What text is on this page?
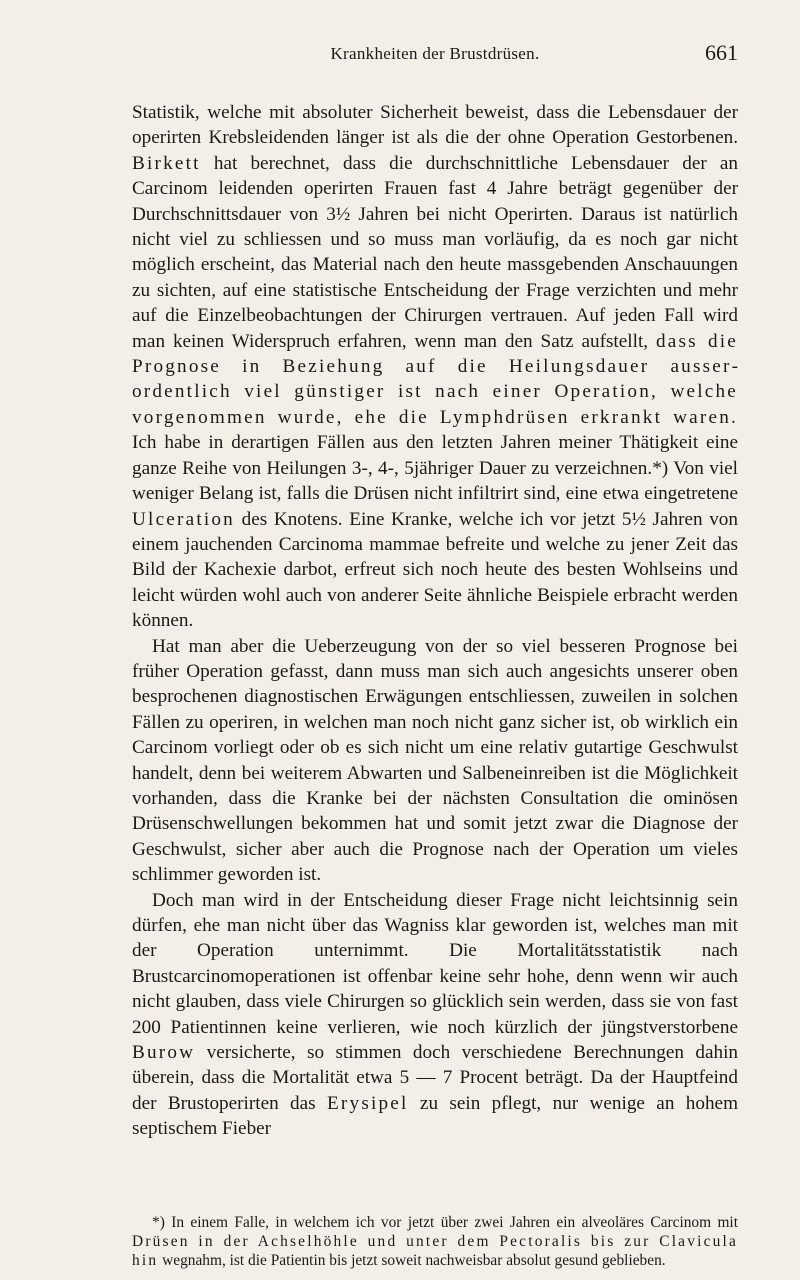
Krankheiten der Brustdrüsen.	661

Statistik, welche mit absoluter Sicherheit beweist, dass die Lebensdauer der operirten Krebsleidenden länger ist als die der ohne Operation Gestorbenen. Birkett hat berechnet, dass die durchschnittliche Lebensdauer der an Carcinom leidenden operirten Frauen fast 4 Jahre beträgt gegenüber der Durchschnittsdauer von 3½ Jahren bei nicht Operirten. Daraus ist natürlich nicht viel zu schliessen und so muss man vorläufig, da es noch gar nicht möglich erscheint, das Material nach den heute massgebenden Anschauungen zu sichten, auf eine statistische Entscheidung der Frage verzichten und mehr auf die Einzelbeobachtungen der Chirurgen vertrauen. Auf jeden Fall wird man keinen Widerspruch erfahren, wenn man den Satz aufstellt, dass die Prognose in Beziehung auf die Heilungsdauer ausserordentlich viel günstiger ist nach einer Operation, welche vorgenommen wurde, ehe die Lymphdrüsen erkrankt waren. Ich habe in derartigen Fällen aus den letzten Jahren meiner Thätigkeit eine ganze Reihe von Heilungen 3-, 4-, 5jähriger Dauer zu verzeichnen.*) Von viel weniger Belang ist, falls die Drüsen nicht infiltrirt sind, eine etwa eingetretene Ulceration des Knotens. Eine Kranke, welche ich vor jetzt 5½ Jahren von einem jauchenden Carcinoma mammae befreite und welche zu jener Zeit das Bild der Kachexie darbot, erfreut sich noch heute des besten Wohlseins und leicht würden wohl auch von anderer Seite ähnliche Beispiele erbracht werden können.

Hat man aber die Ueberzeugung von der so viel besseren Prognose bei früher Operation gefasst, dann muss man sich auch angesichts unserer oben besprochenen diagnostischen Erwägungen entschliessen, zuweilen in solchen Fällen zu operiren, in welchen man noch nicht ganz sicher ist, ob wirklich ein Carcinom vorliegt oder ob es sich nicht um eine relativ gutartige Geschwulst handelt, denn bei weiterem Abwarten und Salbeneinreiben ist die Möglichkeit vorhanden, dass die Kranke bei der nächsten Consultation die ominösen Drüsenschwellungen bekommen hat und somit jetzt zwar die Diagnose der Geschwulst, sicher aber auch die Prognose nach der Operation um vieles schlimmer geworden ist.

Doch man wird in der Entscheidung dieser Frage nicht leichtsinnig sein dürfen, ehe man nicht über das Wagniss klar geworden ist, welches man mit der Operation unternimmt. Die Mortalitätsstatistik nach Brustcarcinomoperationen ist offenbar keine sehr hohe, denn wenn wir auch nicht glauben, dass viele Chirurgen so glücklich sein werden, dass sie von fast 200 Patientinnen keine verlieren, wie noch kürzlich der jüngstverstorbene Burow versicherte, so stimmen doch verschiedene Berechnungen dahin überein, dass die Mortalität etwa 5 — 7 Procent beträgt. Da der Hauptfeind der Brustoperirten das Erysipel zu sein pflegt, nur wenige an hohem septischem Fieber

*) In einem Falle, in welchem ich vor jetzt über zwei Jahren ein alveoläres Carcinom mit Drüsen in der Achselhöhle und unter dem Pectoralis bis zur Clavicula hin wegnahm, ist die Patientin bis jetzt soweit nachweisbar absolut gesund geblieben.
